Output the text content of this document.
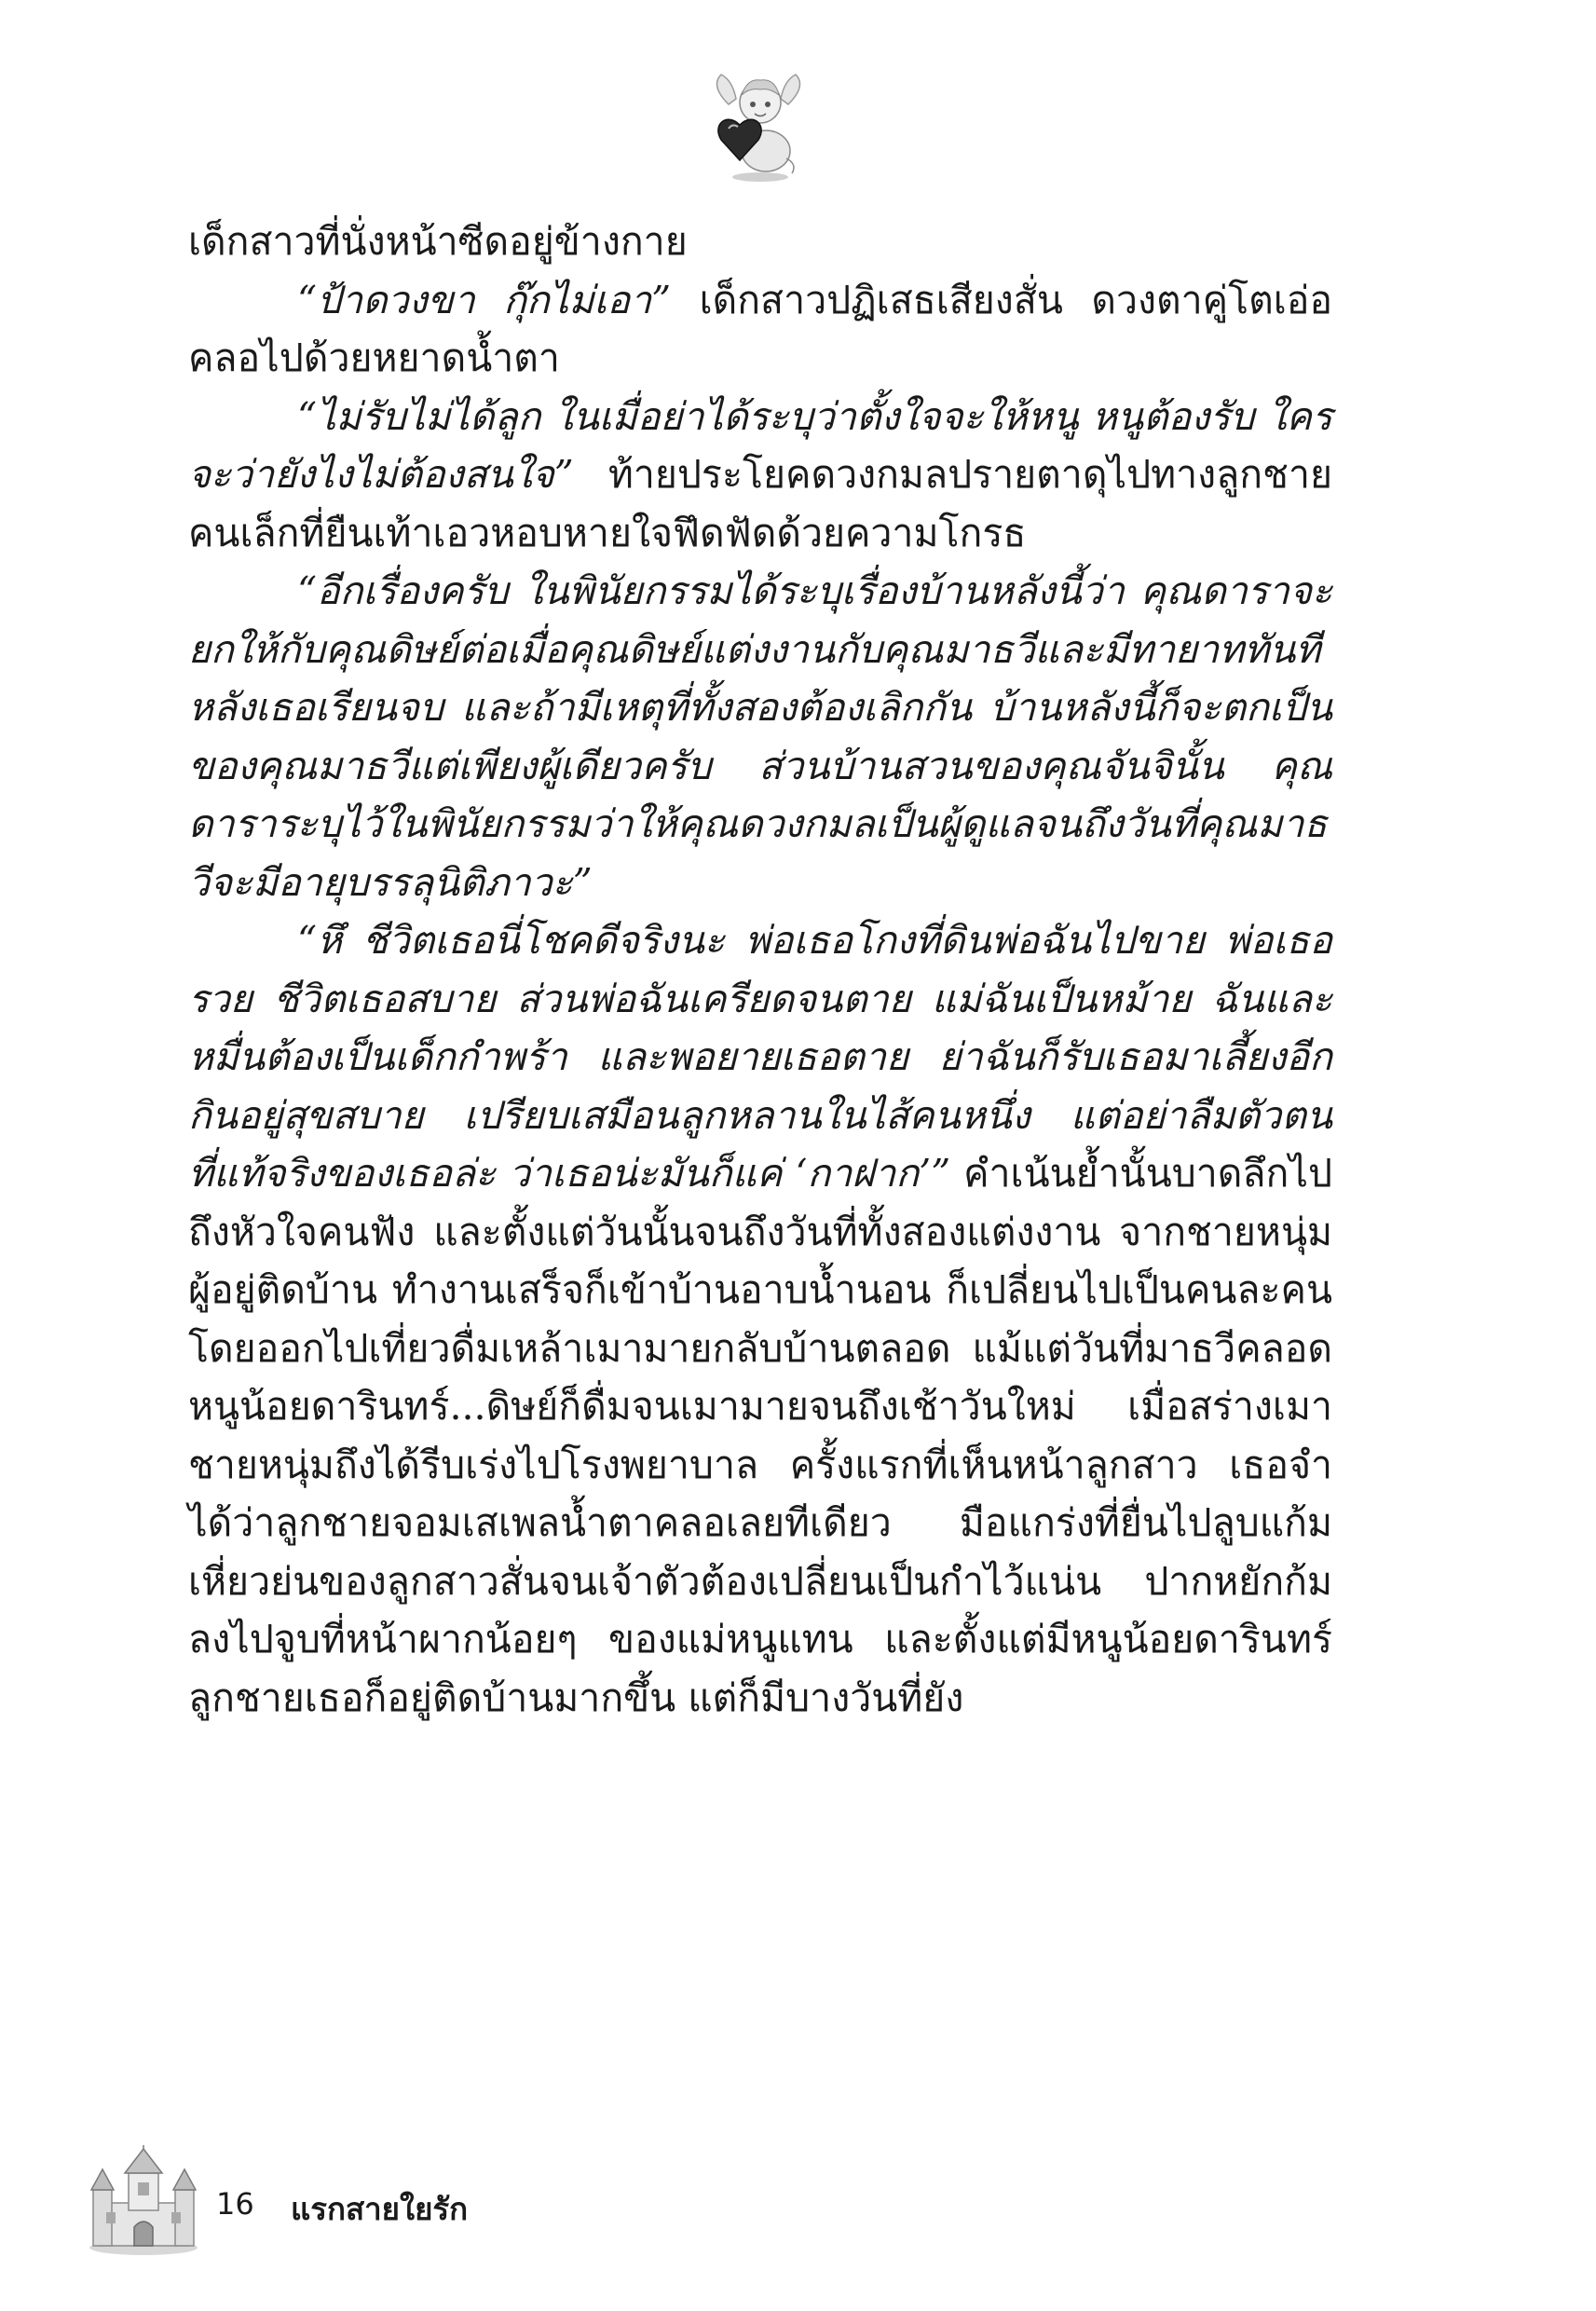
เด็กสาวที่นั่งหน้าซีดอยู่ข้างกาย

“ป้าดวงขา กุ๊กไม่เอา” เด็กสาวปฏิเสธเสียงสั่น ดวงตาคู่โตเอ่อคลอไปด้วยหยาดน้ำตา

“ไม่รับไม่ได้ลูก ในเมื่อย่าได้ระบุว่าตั้งใจจะให้หนู หนูต้องรับ ใครจะว่ายังไงไม่ต้องสนใจ” ท้ายประโยคดวงกมลปรายตาดุไปทางลูกชายคนเล็กที่ยืนเท้าเอวหอบหายใจฟึดฟัดด้วยความโกรธ

“อีกเรื่องครับ ในพินัยกรรมได้ระบุเรื่องบ้านหลังนี้ว่า คุณดาราจะยกให้กับคุณดิษย์ต่อเมื่อคุณดิษย์แต่งงานกับคุณมาธวีและมีทายาททันทีหลังเธอเรียนจบ และถ้ามีเหตุที่ทั้งสองต้องเลิกกัน บ้านหลังนี้ก็จะตกเป็นของคุณมาธวีแต่เพียงผู้เดียวครับ ส่วนบ้านสวนของคุณจันจินั้น คุณดาราระบุไว้ในพินัยกรรมว่าให้คุณดวงกมลเป็นผู้ดูแลจนถึงวันที่คุณมาธวีจะมีอายุบรรลุนิติภาวะ”

“หึ ชีวิตเธอนี่โชคดีจริงนะ พ่อเธอโกงที่ดินพ่อฉันไปขาย พ่อเธอรวย ชีวิตเธอสบาย ส่วนพ่อฉันเครียดจนตาย แม่ฉันเป็นหม้าย ฉันและหมื่นต้องเป็นเด็กกำพร้า และพอยายเธอตาย ย่าฉันก็รับเธอมาเลี้ยงอีก กินอยู่สุขสบาย เปรียบเสมือนลูกหลานในไส้คนหนึ่ง แต่อย่าลืมตัวตนที่แท้จริงของเธอล่ะ ว่าเธอน่ะมันก็แค่ ‘กาฝาก’” คำเน้นย้ำนั้นบาดลึกไปถึงหัวใจคนฟัง และตั้งแต่วันนั้นจนถึงวันที่ทั้งสองแต่งงาน จากชายหนุ่มผู้อยู่ติดบ้าน ทำงานเสร็จก็เข้าบ้านอาบน้ำนอน ก็เปลี่ยนไปเป็นคนละคน โดยออกไปเที่ยวดื่มเหล้าเมามายกลับบ้านตลอด แม้แต่วันที่มาธวีคลอดหนูน้อยดารินทร์...ดิษย์ก็ดื่มจนเมามายจนถึงเช้าวันใหม่ เมื่อสร่างเมาชายหนุ่มถึงได้รีบเร่งไปโรงพยาบาล ครั้งแรกที่เห็นหน้าลูกสาว เธอจำได้ว่าลูกชายจอมเสเพลน้ำตาคลอเลยทีเดียว มือแกร่งที่ยื่นไปลูบแก้มเหี่ยวย่นของลูกสาวสั่นจนเจ้าตัวต้องเปลี่ยนเป็นกำไว้แน่น ปากหยักก้มลงไปจูบที่หน้าผากน้อยๆ ของแม่หนูแทน และตั้งแต่มีหนูน้อยดารินทร์ ลูกชายเธอก็อยู่ติดบ้านมากขึ้น แต่ก็มีบางวันที่ยัง

16 แรกสายใยรัก
